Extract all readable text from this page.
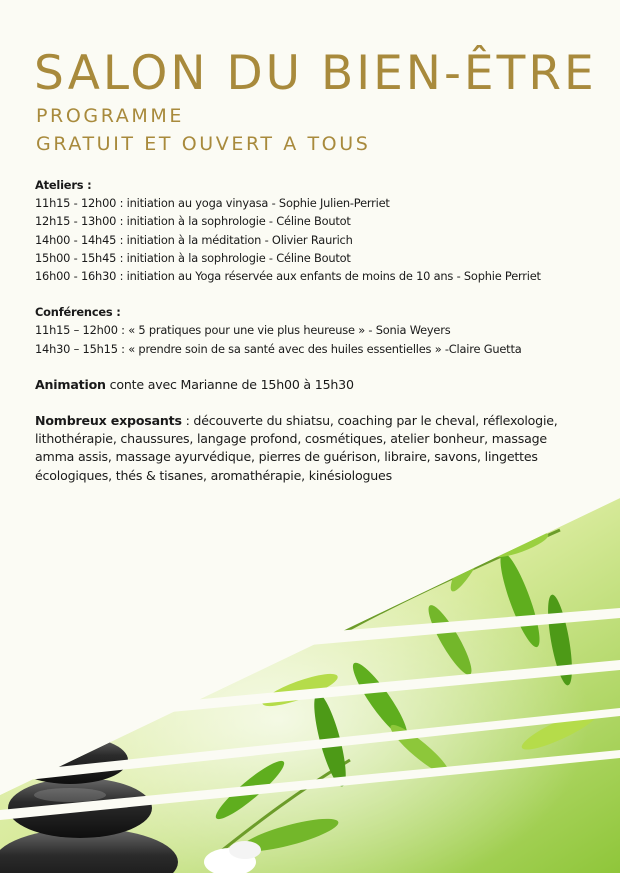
SALON DU BIEN-ÊTRE
PROGRAMME
GRATUIT ET OUVERT A TOUS
Ateliers :
11h15 - 12h00 : initiation au yoga vinyasa - Sophie Julien-Perriet
12h15 - 13h00 : initiation à la sophrologie - Céline Boutot
14h00 - 14h45 : initiation à la méditation - Olivier Raurich
15h00 - 15h45 : initiation à la sophrologie - Céline Boutot
16h00 - 16h30 : initiation au Yoga réservée aux enfants de moins de 10 ans - Sophie Perriet
Conférences :
11h15 – 12h00 : « 5 pratiques pour une vie plus heureuse » - Sonia Weyers
14h30 – 15h15 : « prendre soin de sa santé avec des huiles essentielles » -Claire Guetta
Animation conte avec Marianne de 15h00 à 15h30
Nombreux exposants : découverte du shiatsu, coaching par le cheval, réflexologie, lithothérapie, chaussures, langage profond, cosmétiques, atelier bonheur, massage amma assis, massage ayurvédique, pierres de guérison, libraire, savons, lingettes écologiques, thés & tisanes, aromathérapie, kinésiologues
